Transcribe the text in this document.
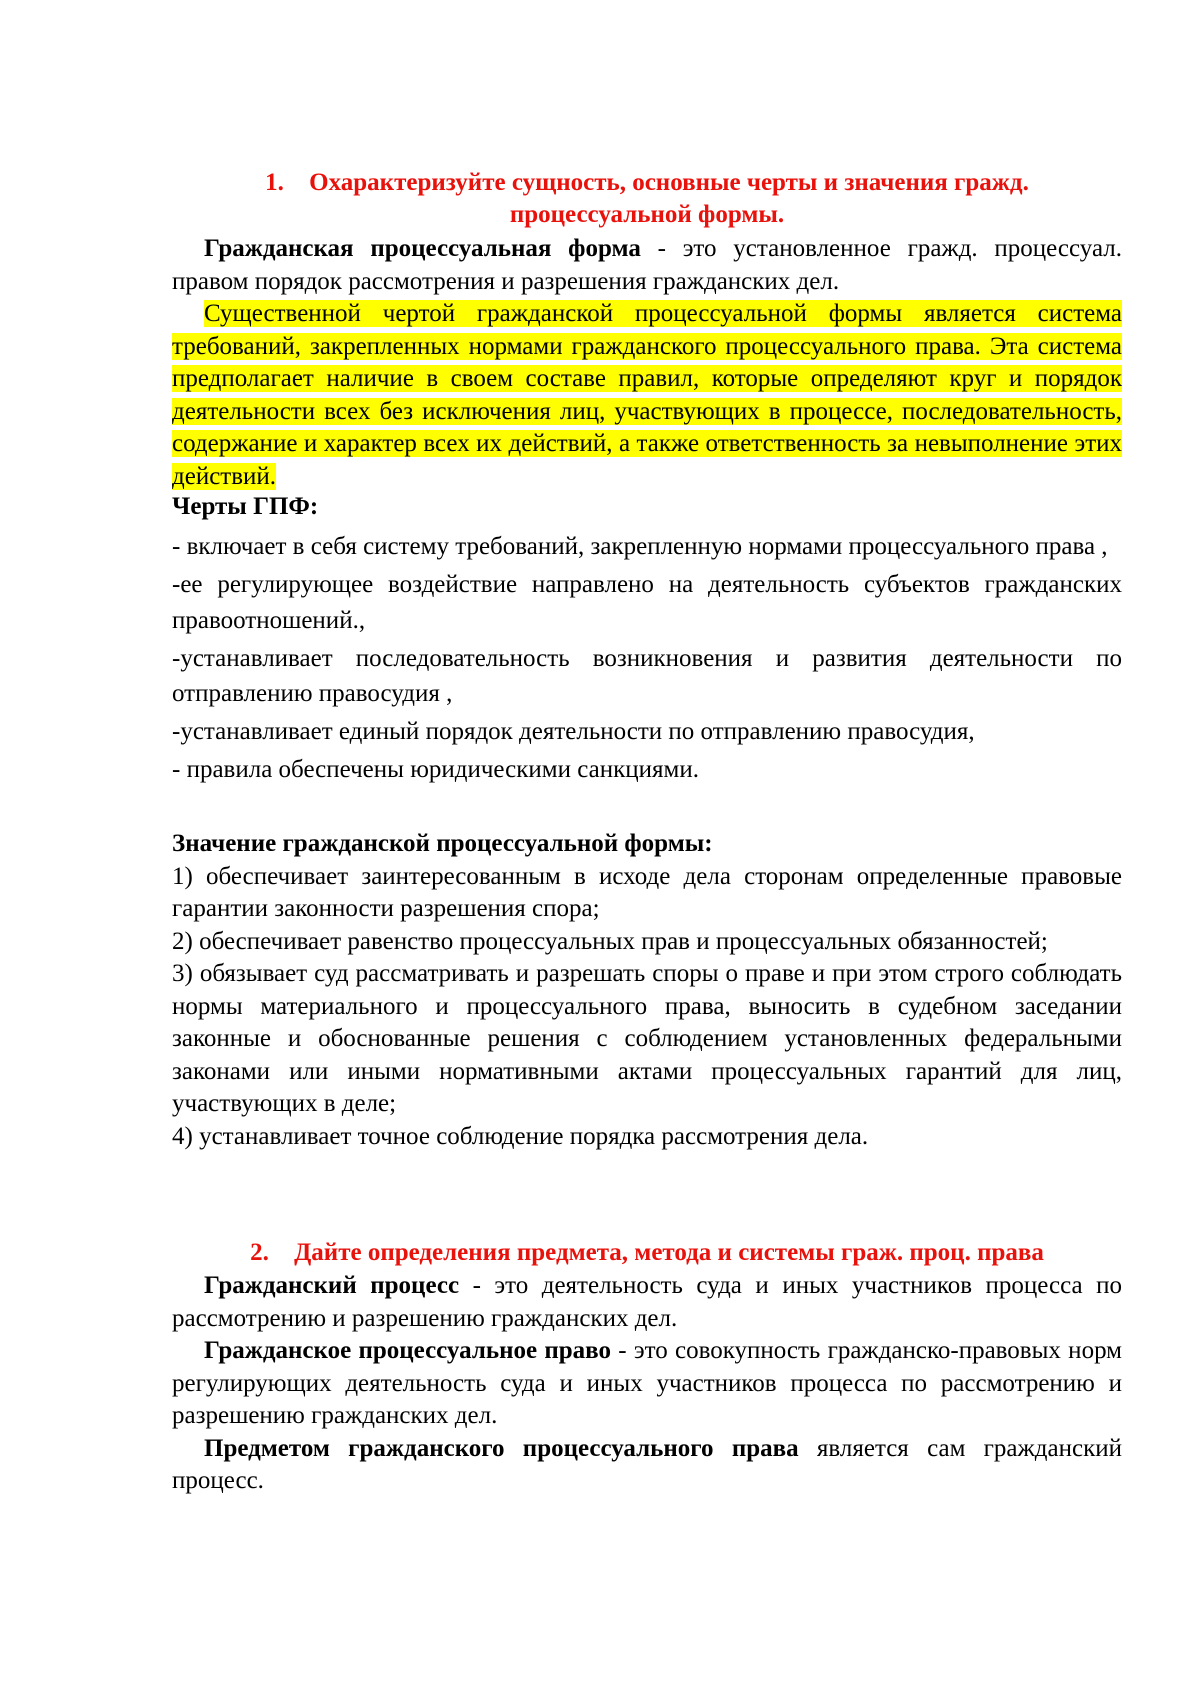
1. Охарактеризуйте сущность, основные черты и значения гражд.

процессуальной формы.

Гражданская процессуальная форма - это установленное гражд. процессуал. правом порядок рассмотрения и разрешения гражданских дел.

Существенной чертой гражданской процессуальной формы является система требований, закрепленных нормами гражданского процессуального права. Эта система предполагает наличие в своем составе правил, которые определяют круг и порядок деятельности всех без исключения лиц, участвующих в процессе, последовательность, содержание и характер всех их действий, а также ответственность за невыполнение этих действий.

Черты ГПФ:

- включает в себя систему требований, закрепленную нормами процессуального права ,

-ее регулирующее воздействие направлено на деятельность субъектов гражданских правоотношений.,

-устанавливает последовательность возникновения и развития деятельности по отправлению правосудия ,

-устанавливает единый порядок деятельности по отправлению правосудия,

- правила обеспечены юридическими санкциями.

Значение гражданской процессуальной формы:

1) обеспечивает заинтересованным в исходе дела сторонам определенные правовые гарантии законности разрешения спора;

2) обеспечивает равенство процессуальных прав и процессуальных обязанностей;

3) обязывает суд рассматривать и разрешать споры о праве и при этом строго соблюдать нормы материального и процессуального права, выносить в судебном заседании законные и обоснованные решения с соблюдением установленных федеральными законами или иными нормативными актами процессуальных гарантий для лиц, участвующих в деле;

4) устанавливает точное соблюдение порядка рассмотрения дела.

2. Дайте определения предмета, метода и системы граж. проц. права

Гражданский процесс - это деятельность суда и иных участников процесса по рассмотрению и разрешению гражданских дел.

Гражданское процессуальное право - это совокупность гражданско-правовых норм регулирующих деятельность суда и иных участников процесса по рассмотрению и разрешению гражданских дел.

Предметом гражданского процессуального права является сам гражданский процесс.
